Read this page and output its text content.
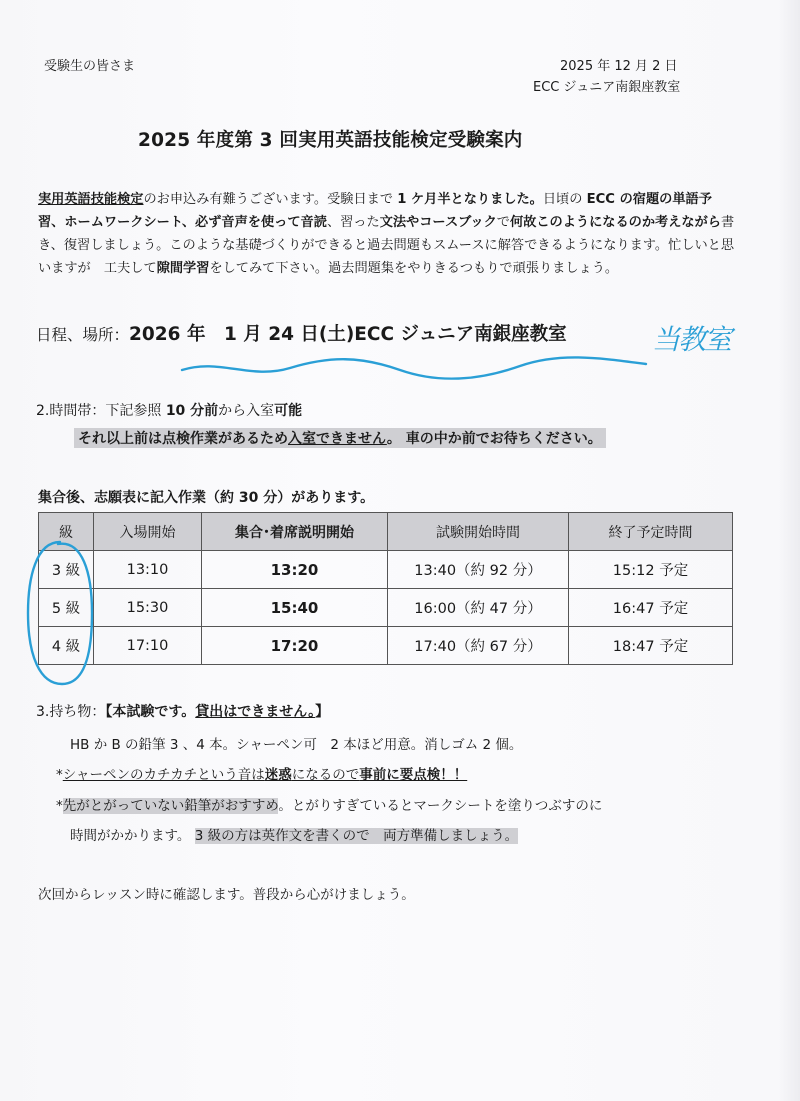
受験生の皆さま	2025 年 12 月 2 日
ECC ジュニア南銀座教室
2025 年度第 3 回実用英語技能検定受験案内
実用英語技能検定のお申込み有難うございます。受験日まで 1 ケ月半となりました。日頃の ECC の宿題の単語予習、ホームワークシート、必ず音声を使って音読、習った文法やコースブックで何故このようになるのか考えながら書き、復習しましょう。このような基礎づくりができると過去問題もスムースに解答できるようになります。忙しいと思いますが　工夫して隙間学習をしてみて下さい。過去問題集をやりきるつもりで頑張りましょう。
日程、場所：2026 年　1 月 24 日(土)ECC ジュニア南銀座教室	当教室
2.時間帯：下記参照 10 分前から入室可能
それ以上前は点検作業があるため入室できません。 車の中か前でお待ちください。
集合後、志願表に記入作業（約 30 分）があります。
級	入場開始	集合･着席説明開始	試験開始時間	終了予定時間
3 級	13:10	13:20	13:40（約 92 分）	15:12 予定
5 級	15:30	15:40	16:00（約 47 分）	16:47 予定
4 級	17:10	17:20	17:40（約 67 分）	18:47 予定
3.持ち物：【本試験です。貸出はできません。】
HB か B の鉛筆 3 、4 本。シャーペン可　2 本ほど用意。消しゴム 2 個。
*シャーペンのカチカチという音は迷惑になるので事前に要点検！！
*先がとがっていない鉛筆がおすすめ。とがりすぎているとマークシートを塗りつぶすのに
時間がかかります。 3 級の方は英作文を書くので　両方準備しましょう。
次回からレッスン時に確認します。普段から心がけましょう。
